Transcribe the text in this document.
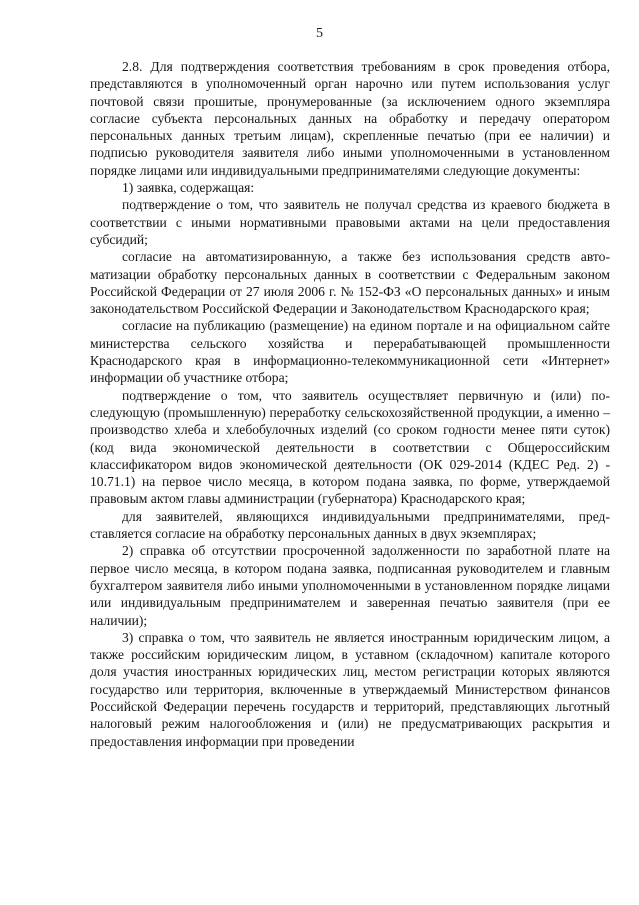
5

2.8. Для подтверждения соответствия требованиям в срок проведения отбора, представляются в уполномоченный орган нарочно или путем использования услуг почтовой связи прошитые, пронумерованные (за исключением одного экземпляра согласие субъекта персональных данных на обработку и передачу оператором персональных данных третьим лицам), скрепленные печатью (при ее наличии) и подписью руководителя заявителя либо иными уполномоченными в установленном порядке лицами или индивидуальными предпринимателями следующие документы:

1) заявка, содержащая:

подтверждение о том, что заявитель не получал средства из краевого бюджета в соответствии с иными нормативными правовыми актами на цели предоставления субсидий;

согласие на автоматизированную, а также без использования средств автоматизации обработку персональных данных в соответствии с Федеральным законом Российской Федерации от 27 июля 2006 г. № 152-ФЗ «О персональных данных» и иным законодательством Российской Федерации и Законодательством Краснодарского края;

согласие на публикацию (размещение) на едином портале и на официальном сайте министерства сельского хозяйства и перерабатывающей промышленности Краснодарского края в информационно-телекоммуникационной сети «Интернет» информации об участнике отбора;

подтверждение о том, что заявитель осуществляет первичную и (или) последующую (промышленную) переработку сельскохозяйственной продукции, а именно – производство хлеба и хлебобулочных изделий (со сроком годности менее пяти суток) (код вида экономической деятельности в соответствии с Общероссийским классификатором видов экономической деятельности (ОК 029-2014 (КДЕС Ред. 2) - 10.71.1) на первое число месяца, в котором подана заявка, по форме, утверждаемой правовым актом главы администрации (губернатора) Краснодарского края;

для заявителей, являющихся индивидуальными предпринимателями, представляется согласие на обработку персональных данных в двух экземплярах;

2) справка об отсутствии просроченной задолженности по заработной плате на первое число месяца, в котором подана заявка, подписанная руководителем и главным бухгалтером заявителя либо иными уполномоченными в установленном порядке лицами или индивидуальным предпринимателем и заверенная печатью заявителя (при ее наличии);

3) справка о том, что заявитель не является иностранным юридическим лицом, а также российским юридическим лицом, в уставном (складочном) капитале которого доля участия иностранных юридических лиц, местом регистрации которых являются государство или территория, включенные в утверждаемый Министерством финансов Российской Федерации перечень государств и территорий, представляющих льготный налоговый режим налогообложения и (или) не предусматривающих раскрытия и предоставления информации при проведении
